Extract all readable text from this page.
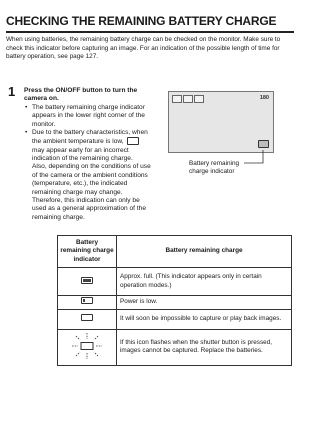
CHECKING THE REMAINING BATTERY CHARGE
When using batteries, the remaining battery charge can be checked on the monitor. Make sure to check this indicator before capturing an image. For an indication of the possible length of time for battery operation, see page 127.
1 Press the ON/OFF button to turn the camera on.
• The battery remaining charge indicator appears in the lower right corner of the monitor.
• Due to the battery characteristics, when the ambient temperature is low,  may appear early for an incorrect indication of the remaining charge.
Also, depending on the conditions of use of the camera or the ambient conditions (temperature, etc.), the indicated remaining charge may change. Therefore, this indication can only be used as a general approximation of the remaining charge.
180
Battery remaining charge indicator
Battery remaining charge indicator	Battery remaining charge

	Approx. full. (This indicator appears only in certain operation modes.)

	Power is low.

	It will soon be impossible to capture or play back images.

	If this icon flashes when the shutter button is pressed, images cannot be captured. Replace the batteries.
